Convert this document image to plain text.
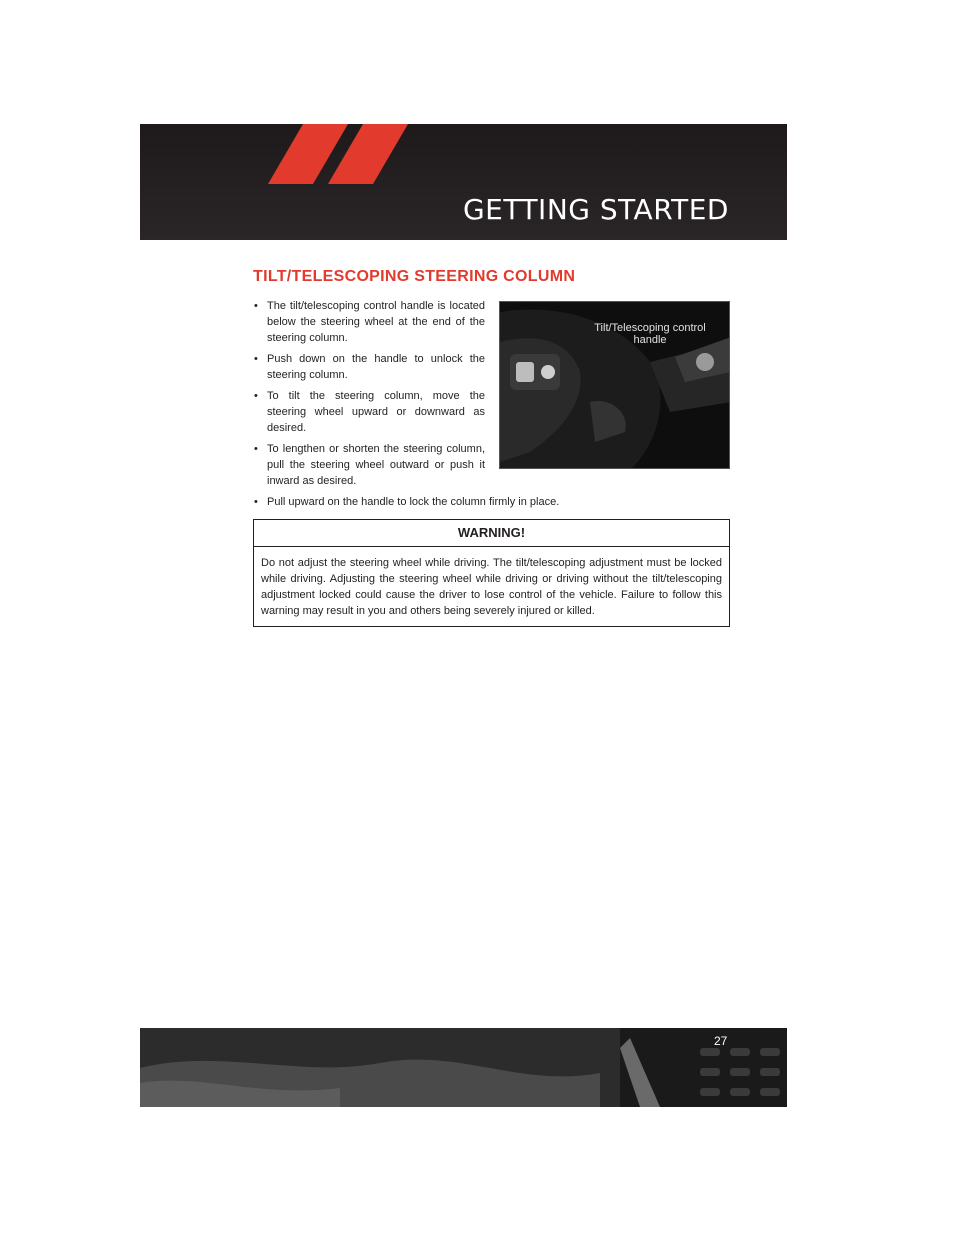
GETTING STARTED
TILT/TELESCOPING STEERING COLUMN
• The tilt/telescoping control handle is located below the steering wheel at the end of the steering column.
• Push down on the handle to unlock the steering column.
• To tilt the steering column, move the steering wheel upward or downward as desired.
• To lengthen or shorten the steering column, pull the steering wheel outward or push it inward as desired.
• Pull upward on the handle to lock the column firmly in place.
Tilt/Telescoping control handle
WARNING!
Do not adjust the steering wheel while driving. The tilt/telescoping adjustment must be locked while driving. Adjusting the steering wheel while driving or driving without the tilt/telescoping adjustment locked could cause the driver to lose control of the vehicle. Failure to follow this warning may result in you and others being severely injured or killed.
27
